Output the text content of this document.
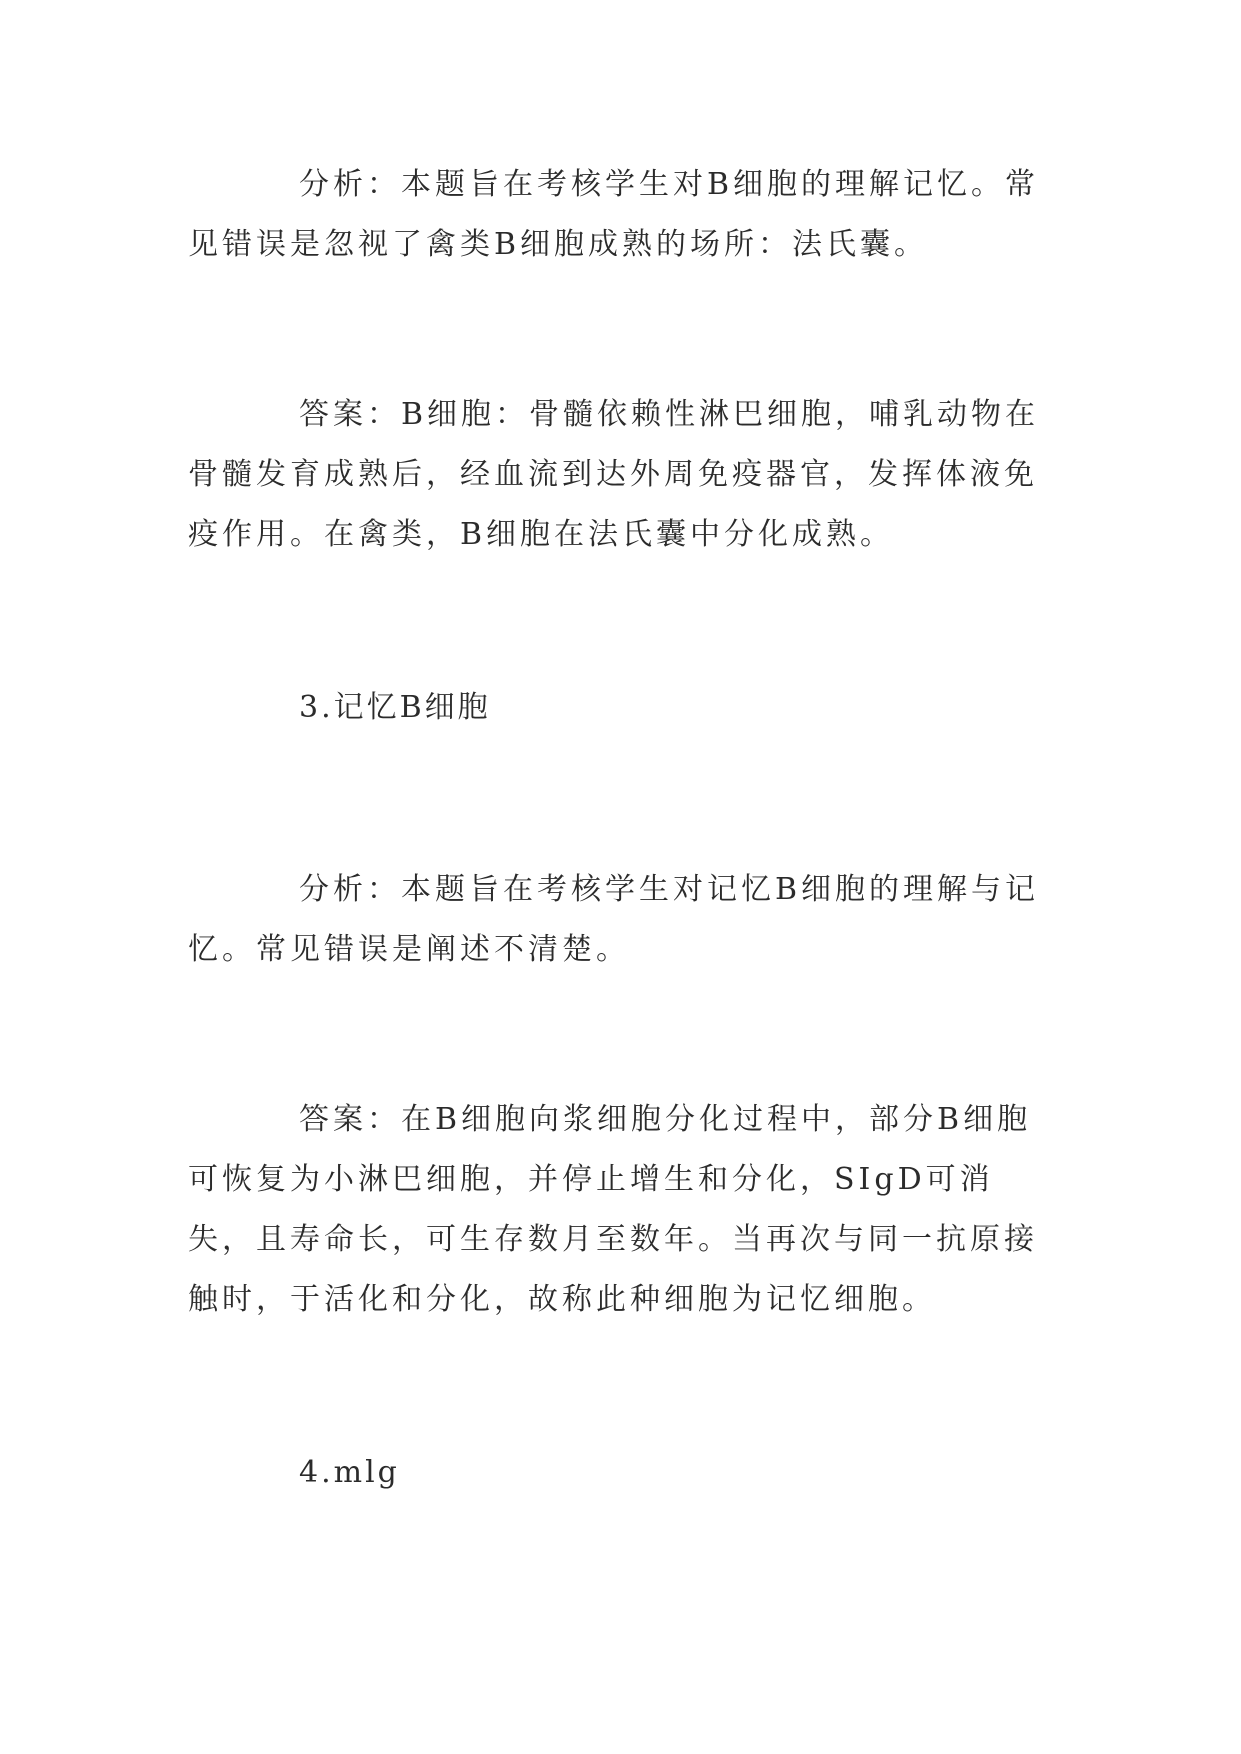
分析：本题旨在考核学生对B细胞的理解记忆。常见错误是忽视了禽类B细胞成熟的场所：法氏囊。

答案：B细胞：骨髓依赖性淋巴细胞，哺乳动物在骨髓发育成熟后，经血流到达外周免疫器官，发挥体液免疫作用。在禽类，B细胞在法氏囊中分化成熟。

3.记忆B细胞

分析：本题旨在考核学生对记忆B细胞的理解与记忆。常见错误是阐述不清楚。

答案：在B细胞向浆细胞分化过程中，部分B细胞可恢复为小淋巴细胞，并停止增生和分化，SIgD可消失，且寿命长，可生存数月至数年。当再次与同一抗原接触时，于活化和分化，故称此种细胞为记忆细胞。

4.mlg
